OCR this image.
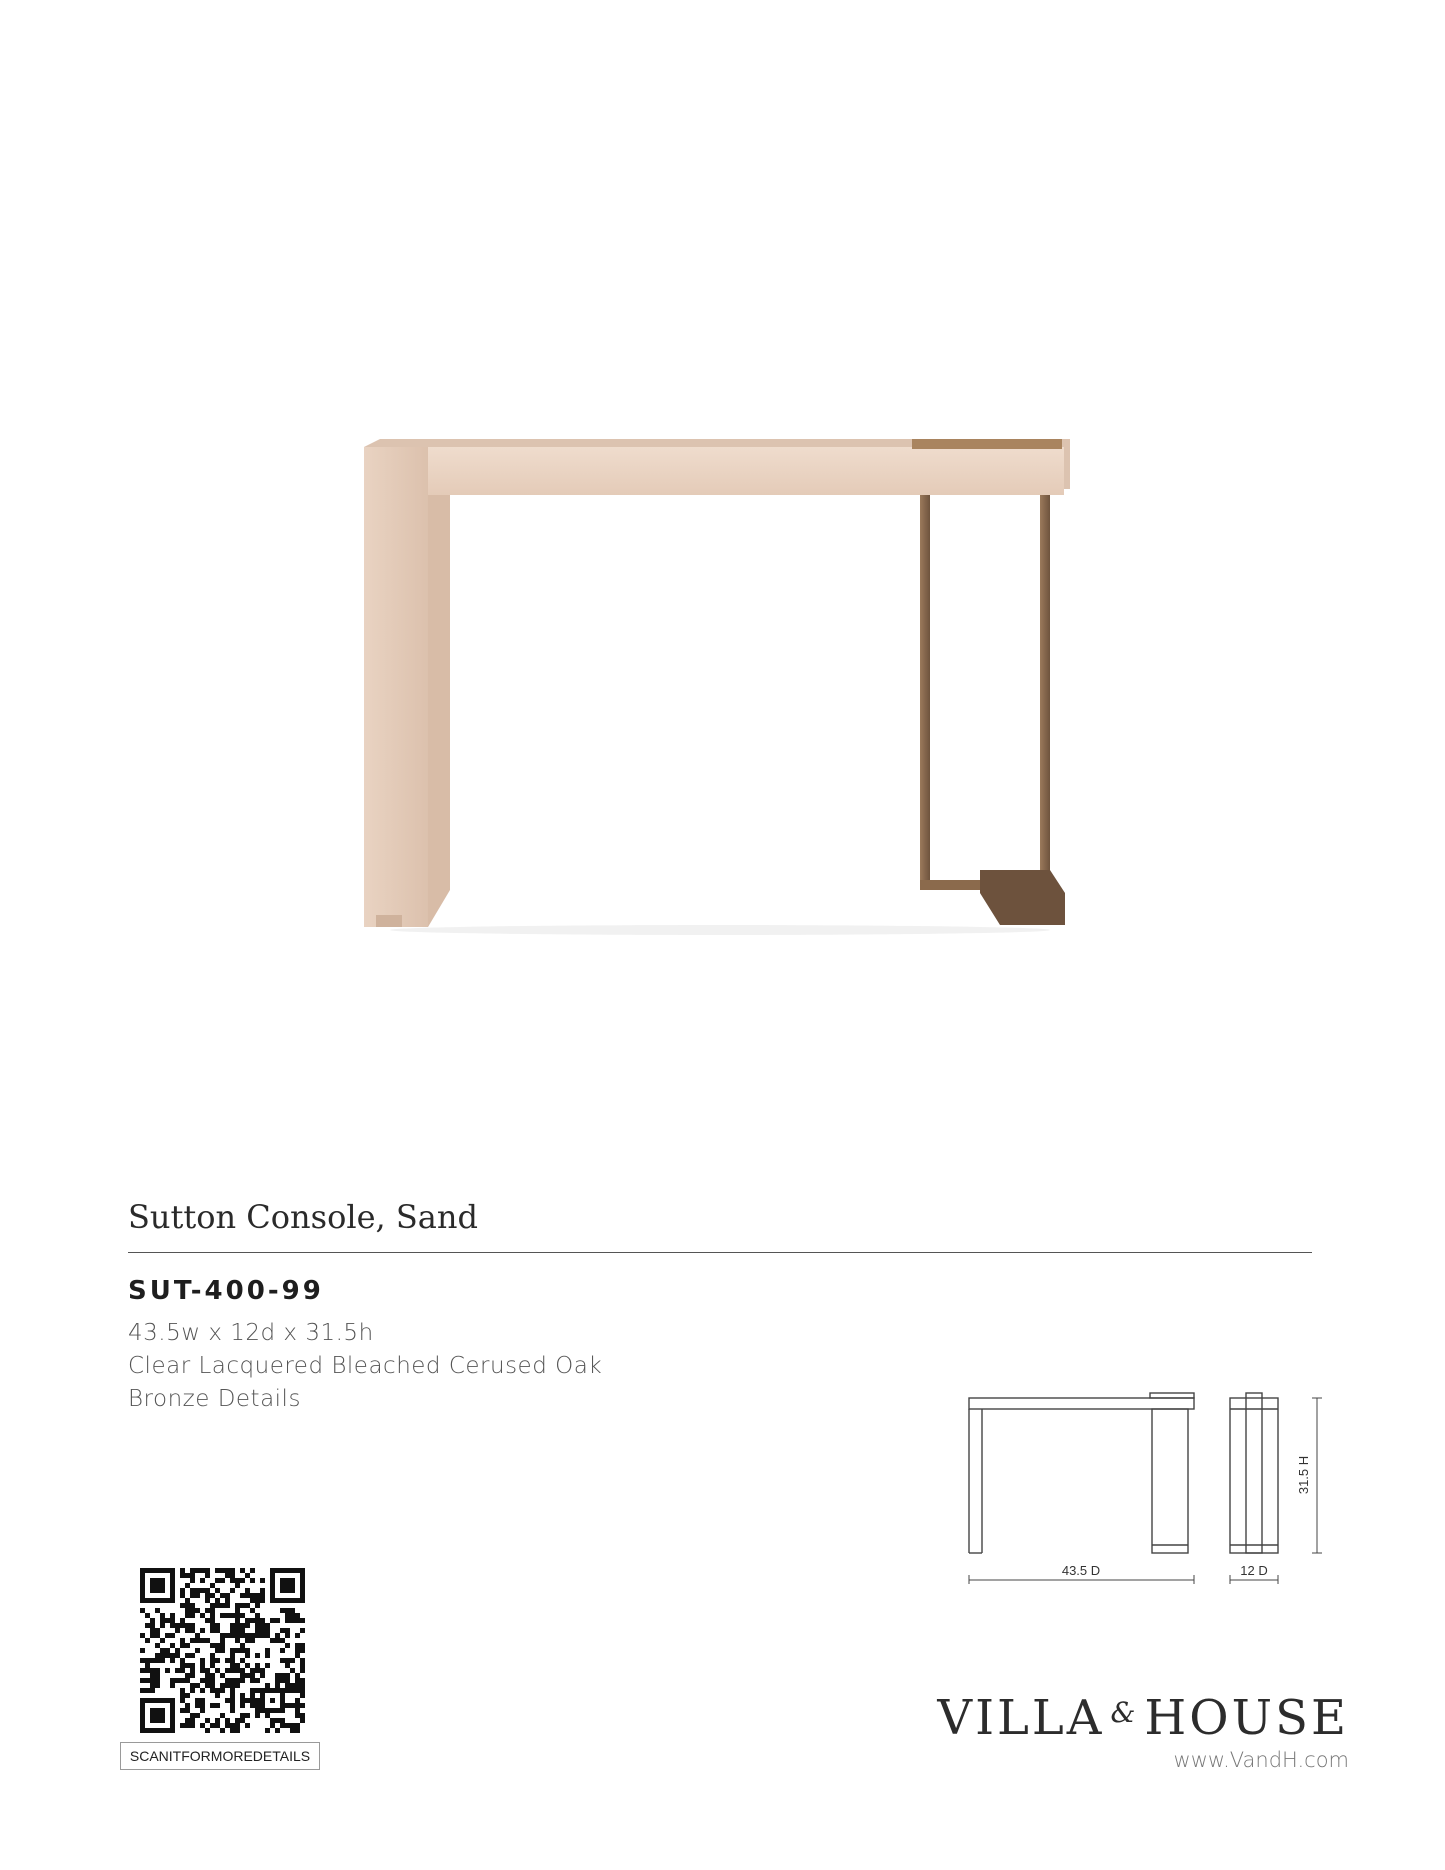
Sutton Console, Sand
SUT-400-99
43.5w x 12d x 31.5h
Clear Lacquered Bleached Cerused Oak
Bronze Details
43.5 D	12 D
31.5 H
SCANITFORMOREDETAILS
VILLA & HOUSE
www.VandH.com
